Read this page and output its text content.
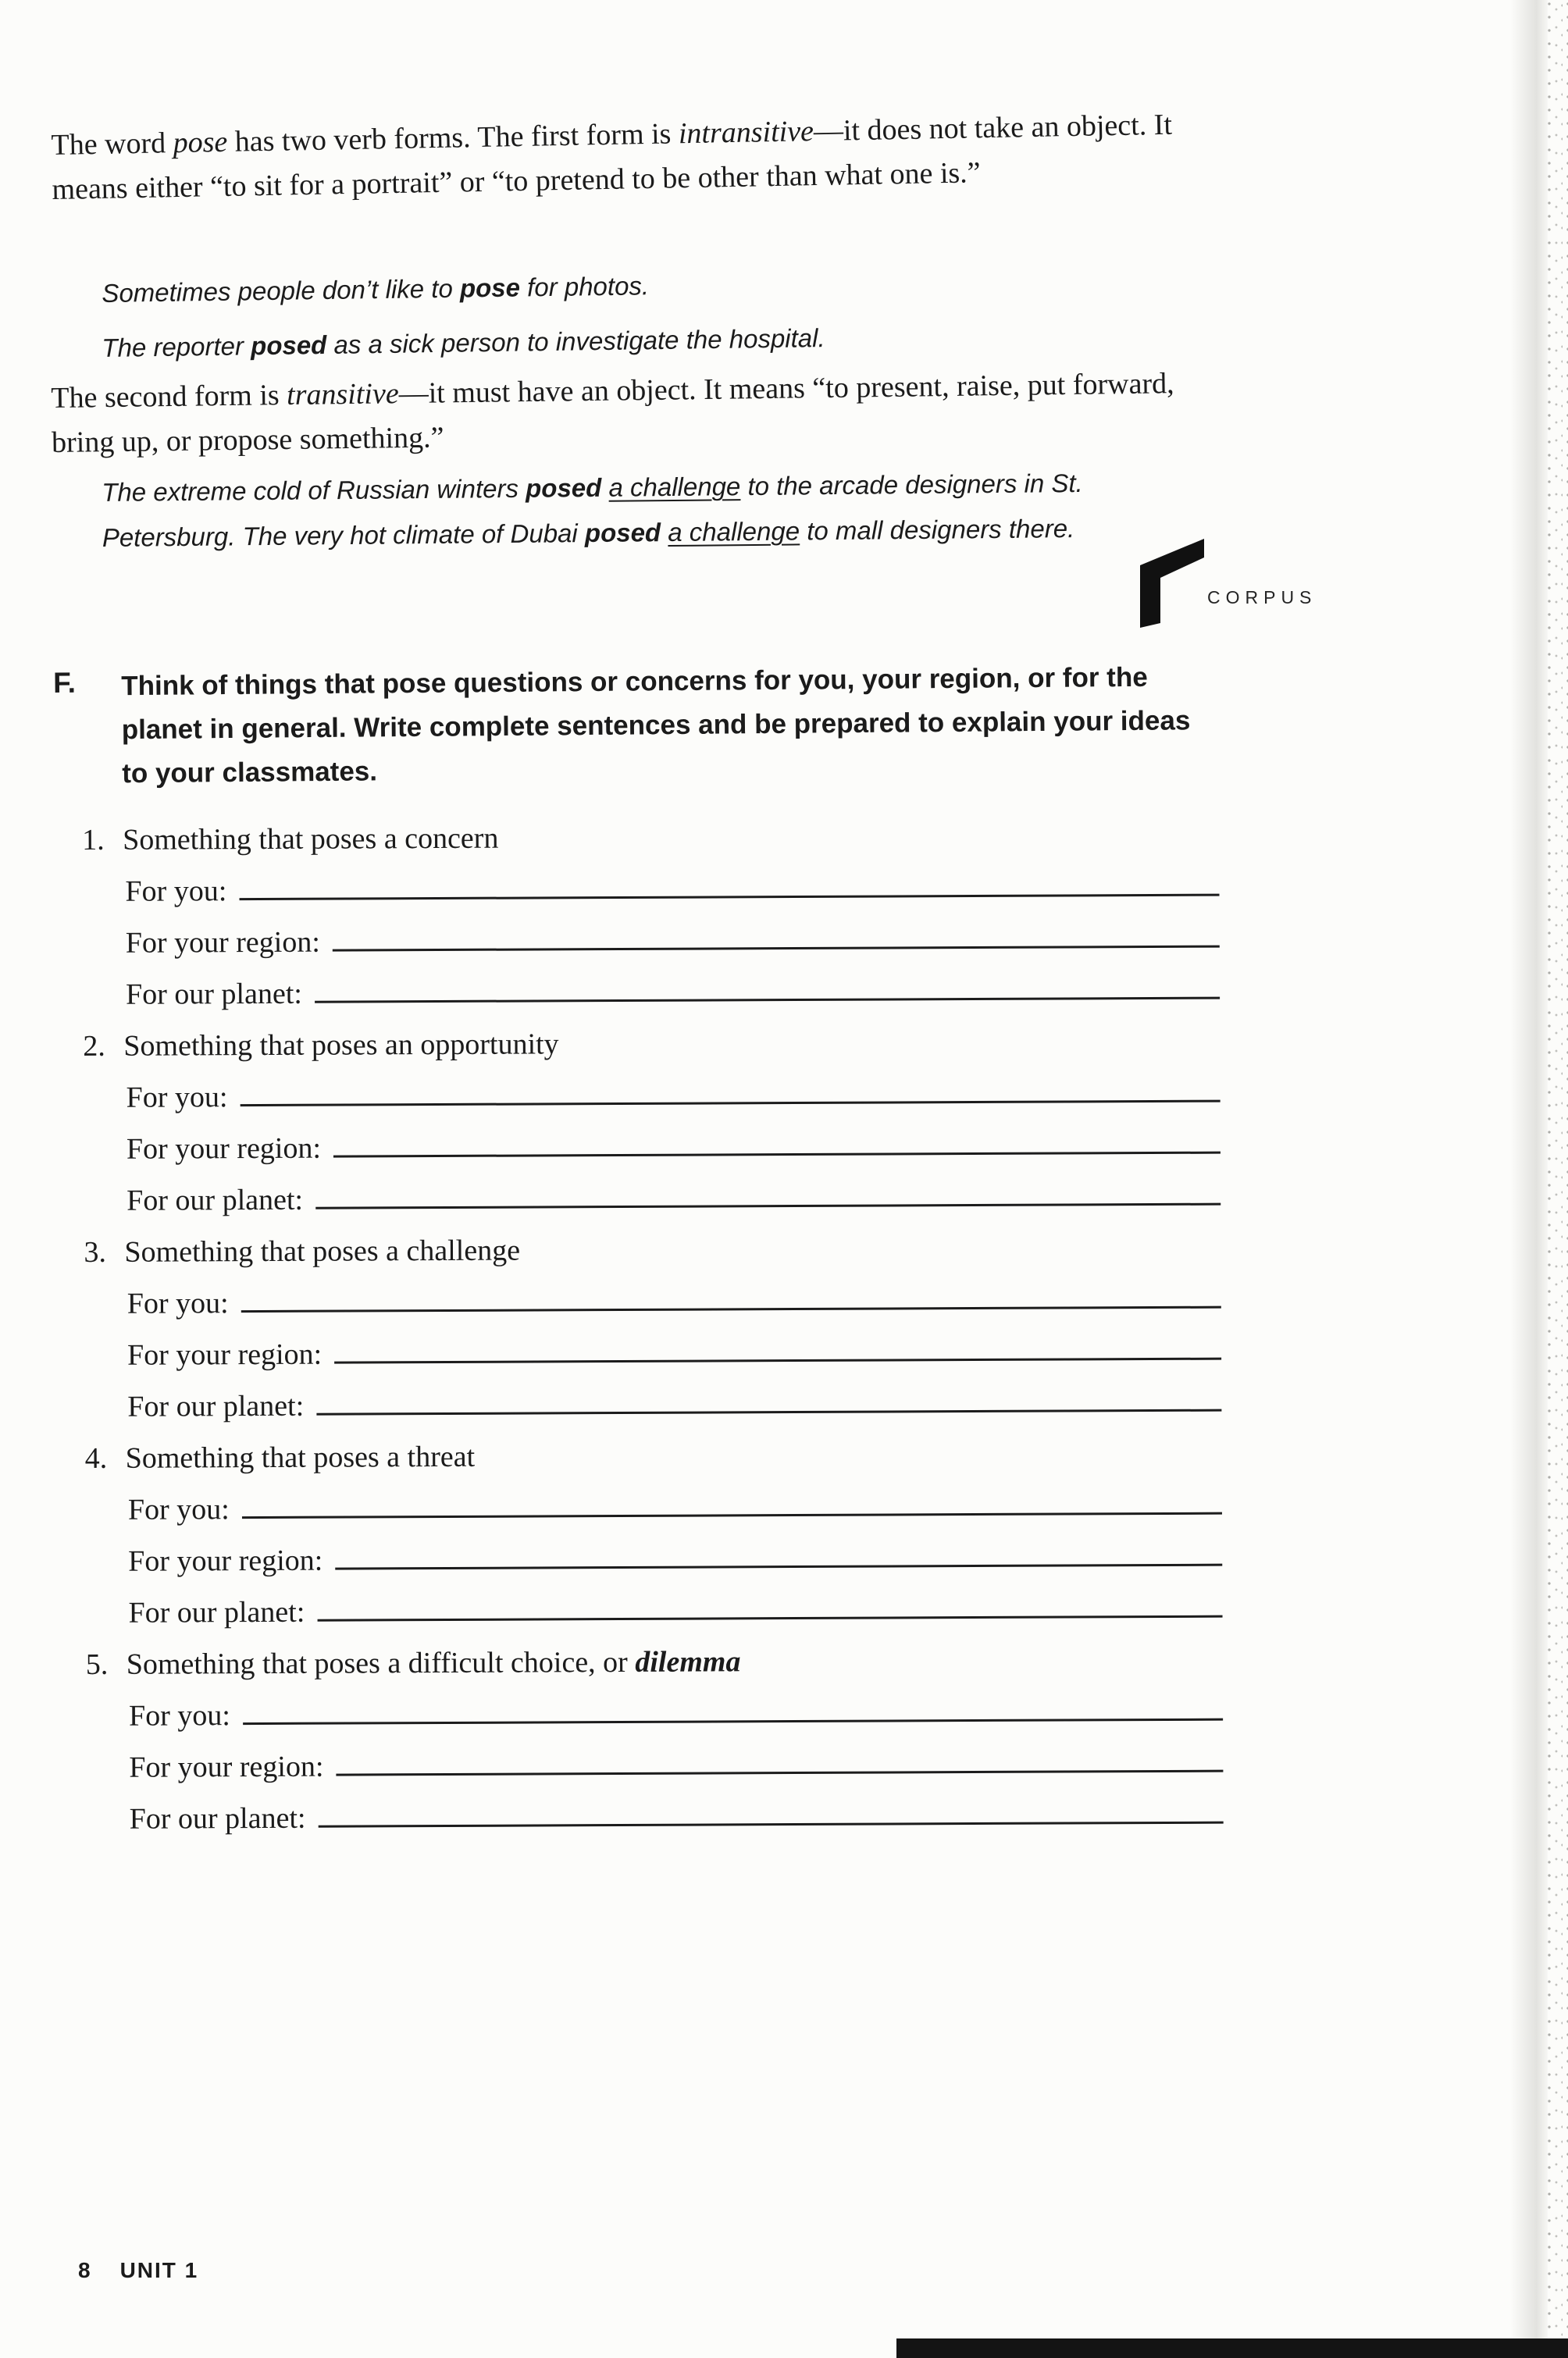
The word pose has two verb forms. The first form is intransitive—it does not take an object. It means either “to sit for a portrait” or “to pretend to be other than what one is.”

Sometimes people don’t like to pose for photos.

The reporter posed as a sick person to investigate the hospital.

The second form is transitive—it must have an object. It means “to present, raise, put forward, bring up, or propose something.”

The extreme cold of Russian winters posed a challenge to the arcade designers in St. Petersburg. The very hot climate of Dubai posed a challenge to mall designers there.

CORPUS
F. Think of things that pose questions or concerns for you, your region, or for the planet in general. Write complete sentences and be prepared to explain your ideas to your classmates.
1. Something that poses a concern
For you:
For your region:
For our planet:
2. Something that poses an opportunity
For you:
For your region:
For our planet:
3. Something that poses a challenge
For you:
For your region:
For our planet:
4. Something that poses a threat
For you:
For your region:
For our planet:
5. Something that poses a difficult choice, or dilemma
For you:
For your region:
For our planet:
8 UNIT 1
